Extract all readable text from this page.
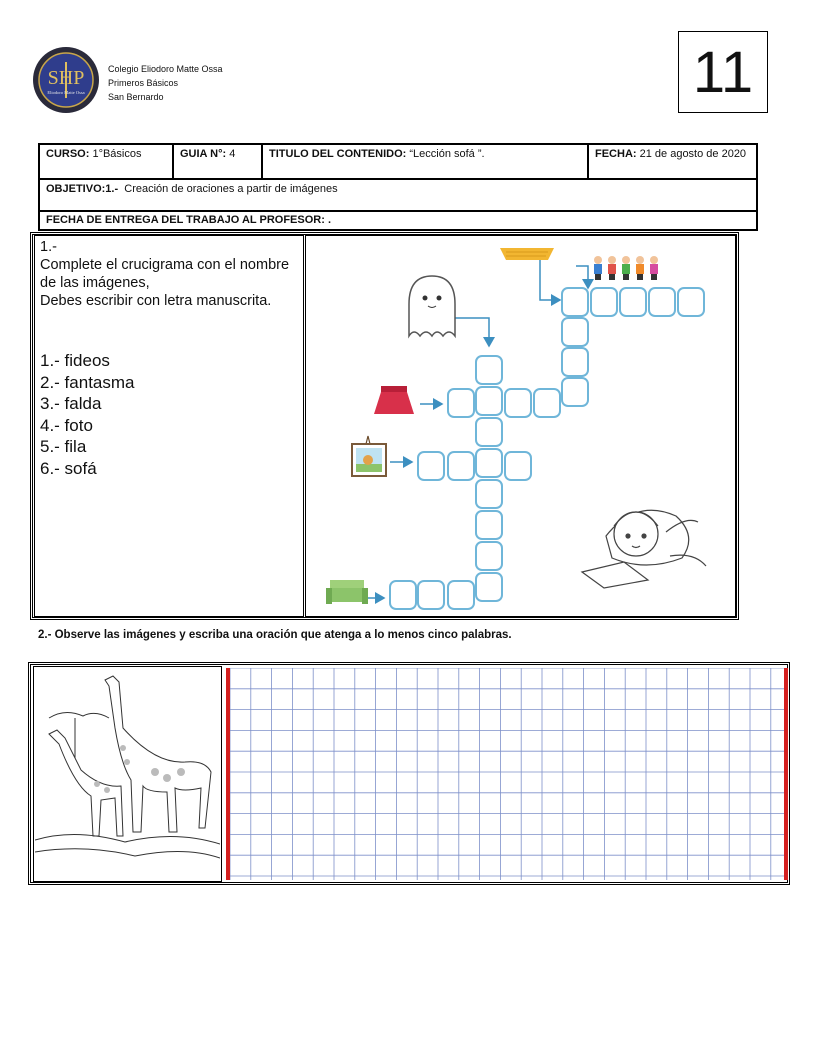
SHP
Eliodoro Matte Ossa
Colegio Eliodoro Matte Ossa
Primeros Básicos
San Bernardo	11
CURSO: 1°Básicos	GUIA N°: 4	TITULO DEL CONTENIDO: “Lección sofá ”.	FECHA: 21 de agosto de 2020
OBJETIVO:1.- Creación de oraciones a partir de imágenes
FECHA DE ENTREGA DEL TRABAJO AL PROFESOR: .
1.-
Complete el crucigrama con el nombre de las imágenes,
Debes escribir con letra manuscrita.
1.- fideos
2.- fantasma
3.- falda
4.- foto
5.- fila
6.- sofá
2.- Observe las imágenes y escriba una oración que atenga a lo menos cinco palabras.
